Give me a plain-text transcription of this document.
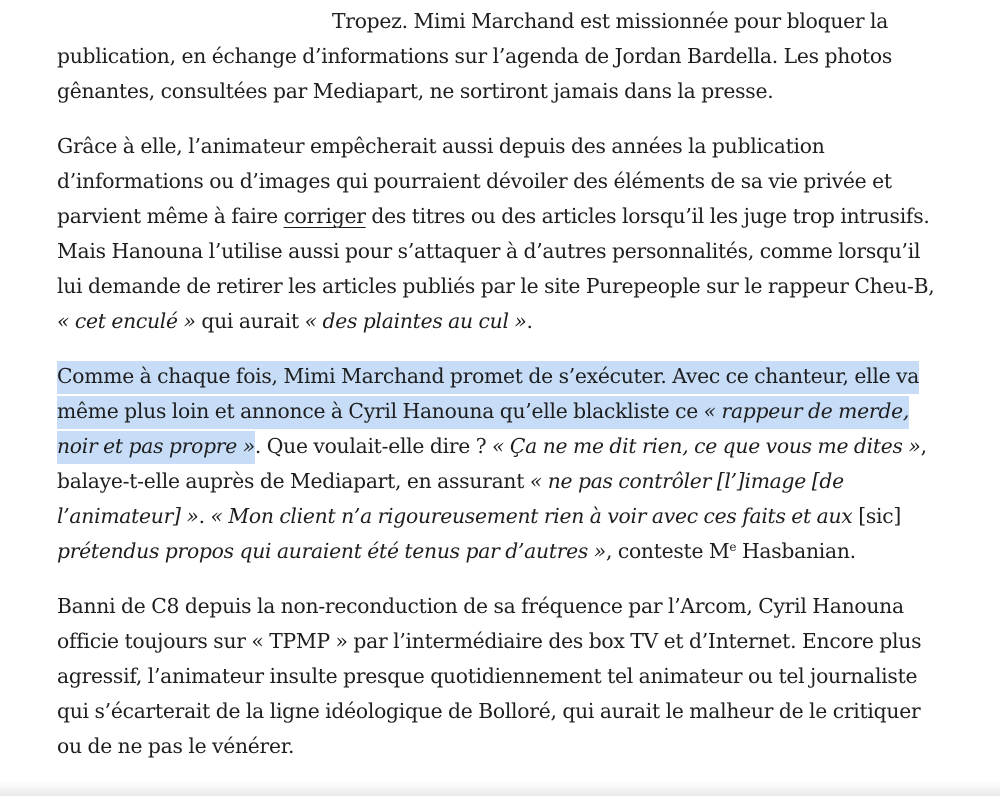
Tropez. Mimi Marchand est missionnée pour bloquer la publication, en échange d’informations sur l’agenda de Jordan Bardella. Les photos gênantes, consultées par Mediapart, ne sortiront jamais dans la presse.

Grâce à elle, l’animateur empêcherait aussi depuis des années la publication d’informations ou d’images qui pourraient dévoiler des éléments de sa vie privée et parvient même à faire corriger des titres ou des articles lorsqu’il les juge trop intrusifs. Mais Hanouna l’utilise aussi pour s’attaquer à d’autres personnalités, comme lorsqu’il lui demande de retirer les articles publiés par le site Purepeople sur le rappeur Cheu-B, « cet enculé » qui aurait « des plaintes au cul ».

Comme à chaque fois, Mimi Marchand promet de s’exécuter. Avec ce chanteur, elle va même plus loin et annonce à Cyril Hanouna qu’elle blackliste ce « rappeur de merde, noir et pas propre ». Que voulait-elle dire ? « Ça ne me dit rien, ce que vous me dites », balaye-t-elle auprès de Mediapart, en assurant « ne pas contrôler [l’]image [de l’animateur] ». « Mon client n’a rigoureusement rien à voir avec ces faits et aux [sic] prétendus propos qui auraient été tenus par d’autres », conteste Me Hasbanian.

Banni de C8 depuis la non-reconduction de sa fréquence par l’Arcom, Cyril Hanouna officie toujours sur « TPMP » par l’intermédiaire des box TV et d’Internet. Encore plus agressif, l’animateur insulte presque quotidiennement tel animateur ou tel journaliste qui s’écarterait de la ligne idéologique de Bolloré, qui aurait le malheur de le critiquer ou de ne pas le vénérer.
